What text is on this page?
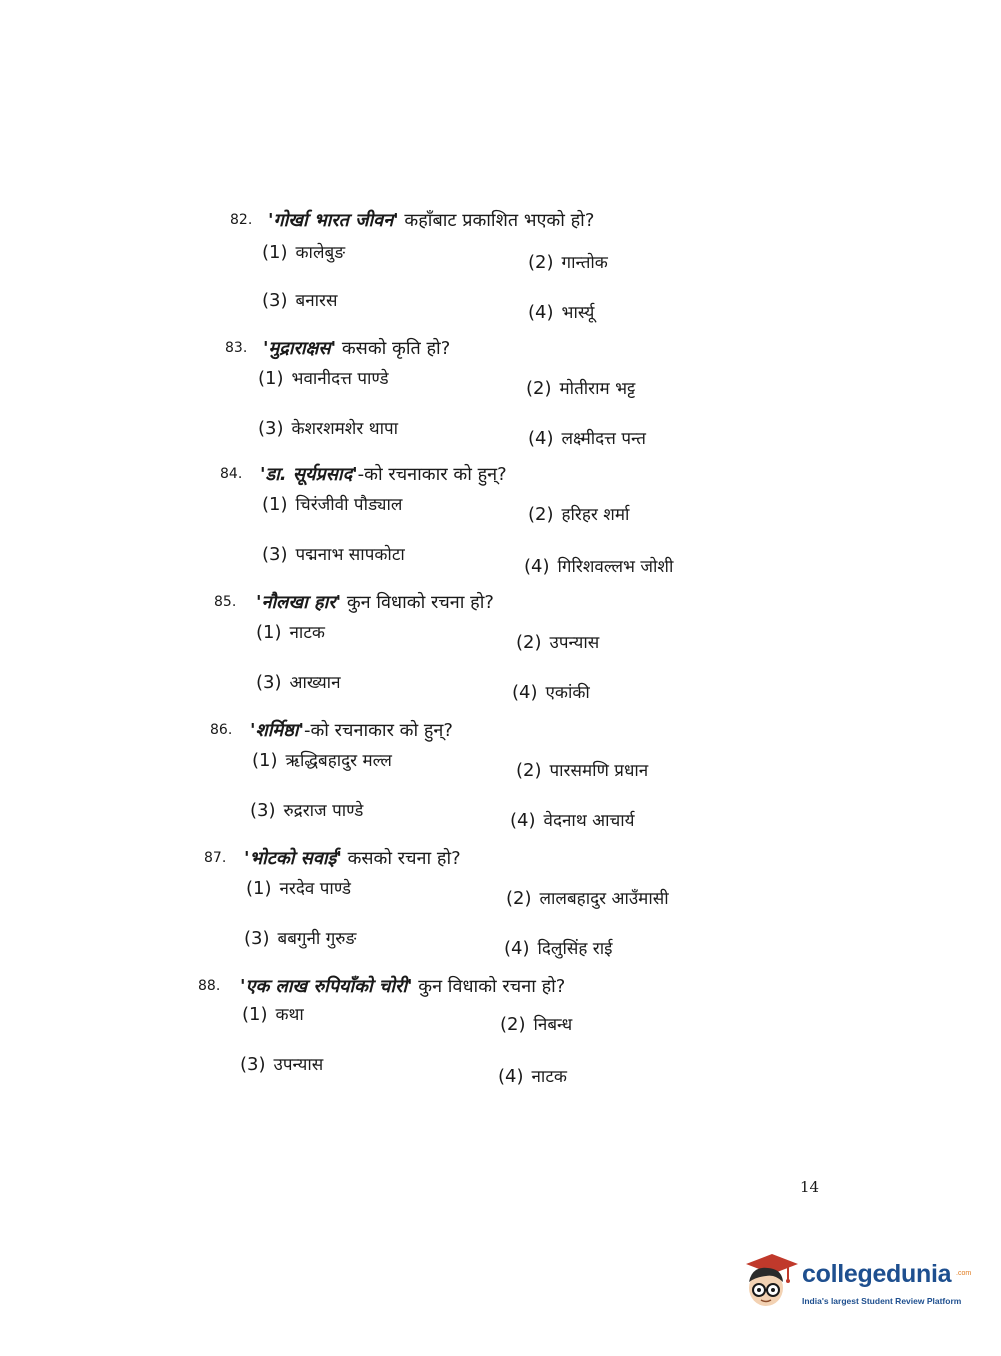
82. 'गोर्खा भारत जीवन' कहाँबाट प्रकाशित भएको हो?
(1) कालेबुङ	(2) गान्तोक
(3) बनारस
(4) भार्स्यू
83. 'मुद्राराक्षस' कसको कृति हो?
(1) भवानीदत्त पाण्डे	(2) मोतीराम भट्ट
(3) केशरशमशेर थापा	(4) लक्ष्मीदत्त पन्त
84. 'डा. सूर्यप्रसाद'-को रचनाकार को हुन्?
(1) चिरंजीवी पौड्याल	(2) हरिहर शर्मा
(3) पद्मनाभ सापकोटा
(4) गिरिशवल्लभ जोशी
85. 'नौलखा हार' कुन विधाको रचना हो?
(1) नाटक	(2) उपन्यास
(3) आख्यान	(4) एकांकी
86. 'शर्मिष्ठा'-को रचनाकार को हुन्?
(1) ऋद्धिबहादुर मल्ल	(2) पारसमणि प्रधान
(3) रुद्रराज पाण्डे	(4) वेदनाथ आचार्य
87. 'भोटको सवाई' कसको रचना हो?
(1) नरदेव पाण्डे	(2) लालबहादुर आउँमासी
(3) बबगुनी गुरुङ	(4) दिलुसिंह राई
88. 'एक लाख रुपियाँको चोरी' कुन विधाको रचना हो?
(1) कथा	(2) निबन्ध
(3) उपन्यास
(4) नाटक
14
collegedunia .com
India's largest Student Review Platform
